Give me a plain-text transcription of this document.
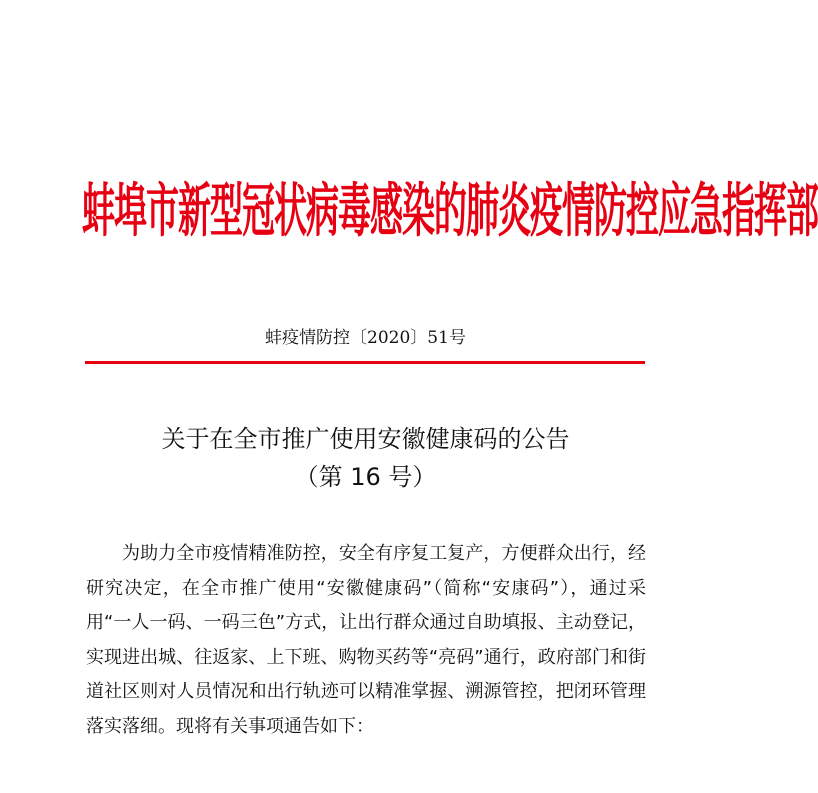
蚌埠市新型冠状病毒感染的肺炎疫情防控应急指挥部
蚌疫情防控〔2020〕51号
关于在全市推广使用安徽健康码的公告
（第 16 号）

为助力全市疫情精准防控，安全有序复工复产，方便群众出行，经研究决定，在全市推广使用“安徽健康码”（简称“安康码”），通过采用“一人一码、一码三色”方式，让出行群众通过自助填报、主动登记，实现进出城、往返家、上下班、购物买药等“亮码”通行，政府部门和街道社区则对人员情况和出行轨迹可以精准掌握、溯源管控，把闭环管理落实落细。现将有关事项通告如下：
